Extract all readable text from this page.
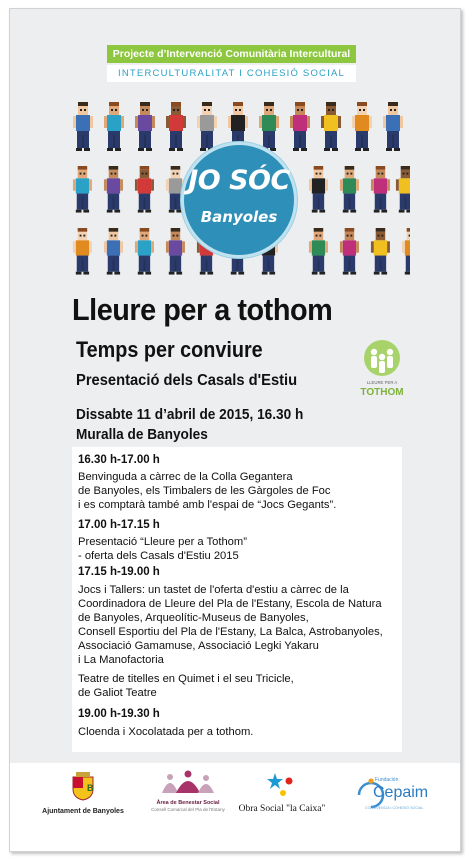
Projecte d’Intervenció Comunitària Intercultural
INTERCULTURALITAT I COHESIÓ SOCIAL
JO SÓC
Banyoles
Lleure per a tothom
Temps per conviure
Presentació dels Casals d'Estiu	LLEURE PER A
TOTHOM
Dissabte 11 d’abril de 2015, 16.30 h
Muralla de Banyoles
16.30 h-17.00 h
Benvinguda a càrrec de la Colla Gegantera
de Banyoles, els Timbalers de les Gàrgoles de Foc
i es comptarà també amb l'espai de “Jocs Gegants”.
17.00 h-17.15 h
Presentació “Lleure per a Tothom”
- oferta dels Casals d'Estiu 2015
17.15 h-19.00 h
Jocs i Tallers: un tastet de l'oferta d'estiu a càrrec de la
Coordinadora de Lleure del Pla de l'Estany, Escola de Natura
de Banyoles, Arqueolític-Museus de Banyoles,
Consell Esportiu del Pla de l'Estany, La Balca, Astrobanyoles,
Associació Gamamuse, Associació Legki Yakaru
i La Manofactoria
Teatre de titelles en Quimet i el seu Tricicle,
de Galiot Teatre
19.00 h-19.30 h
Cloenda i Xocolatada per a tothom.
B
Ajuntament de Banyoles
Àrea de Benestar Social
Consell Comarcal del Pla de l'Estany	Obra Social "la Caixa"
Fundación
Cepaim
CONVIVENCIA I COHESIÓ SOCIAL
